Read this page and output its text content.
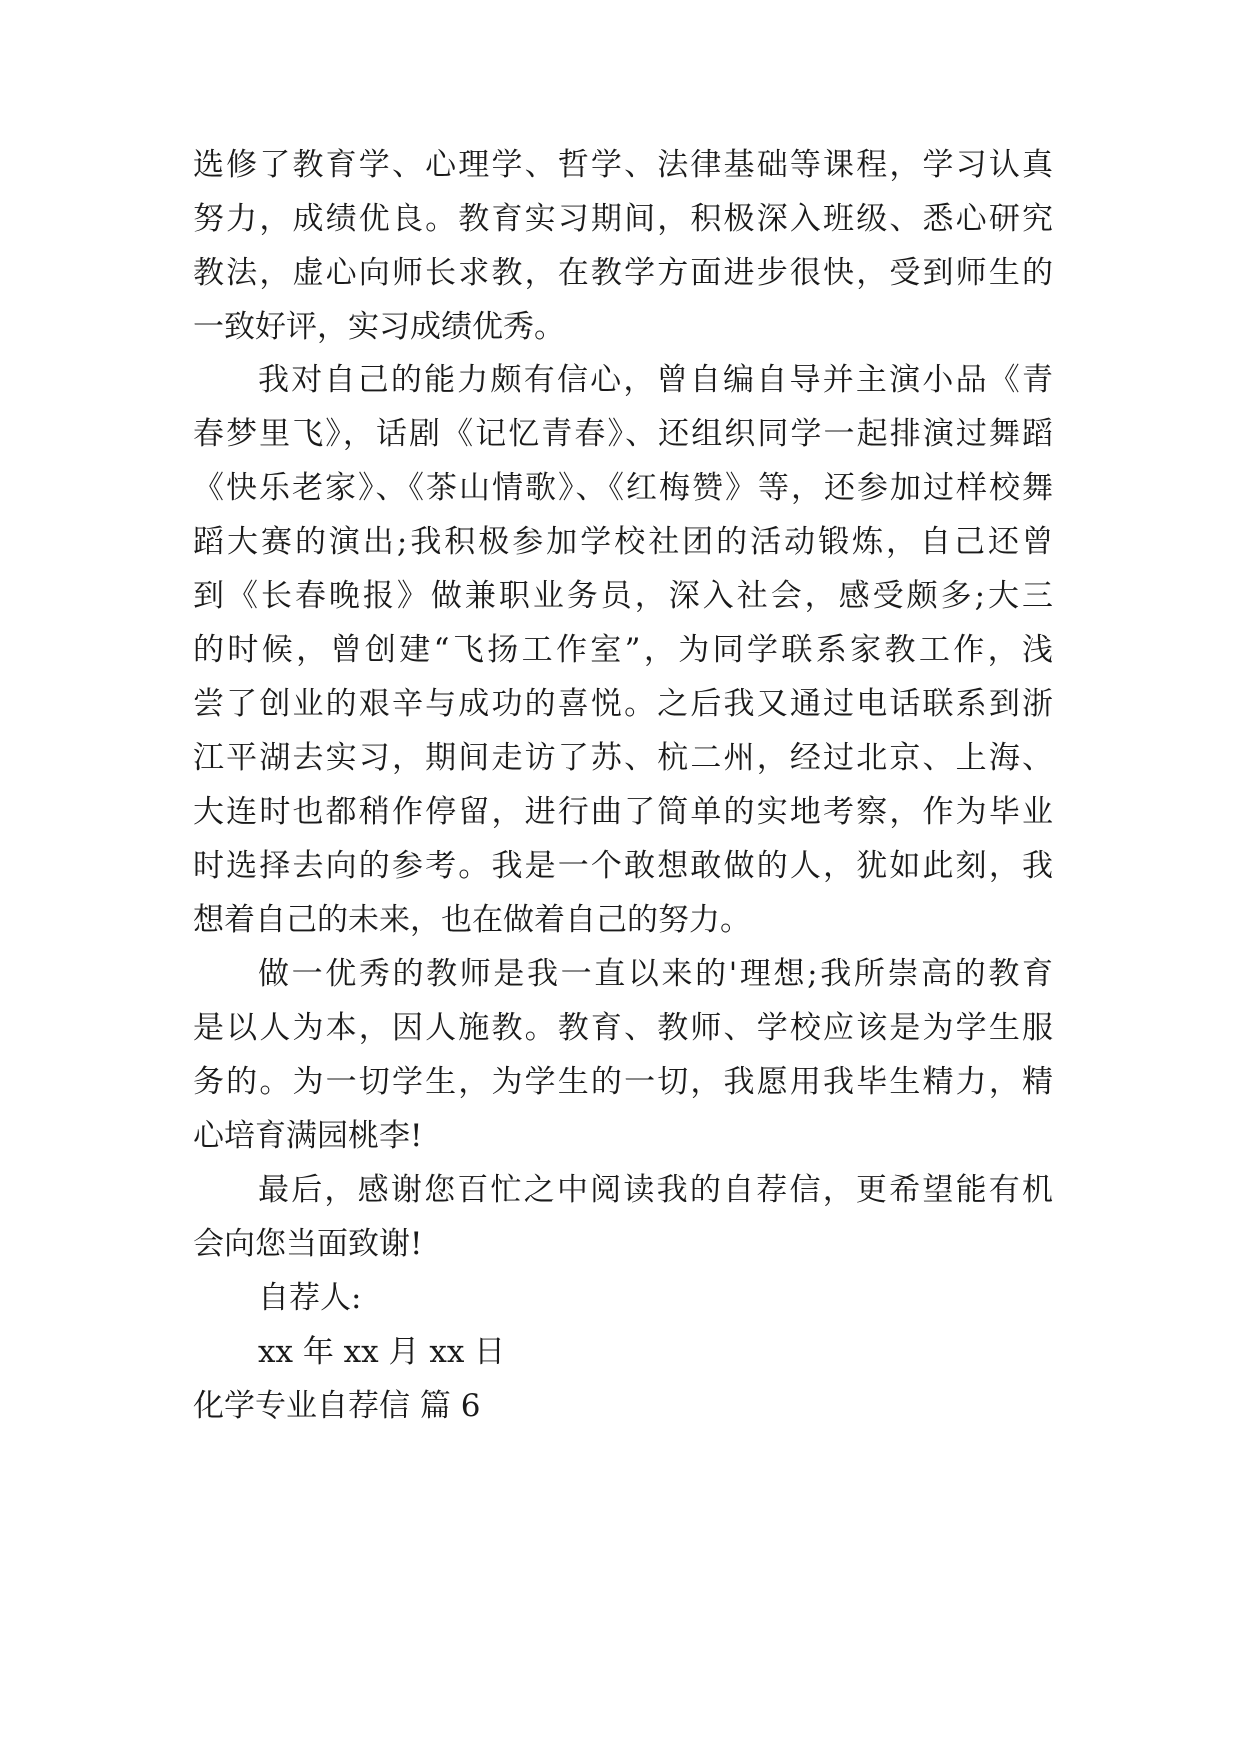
选修了教育学、心理学、哲学、法律基础等课程，学习认真
努力，成绩优良。教育实习期间，积极深入班级、悉心研究
教法，虚心向师长求教，在教学方面进步很快，受到师生的
一致好评，实习成绩优秀。
我对自己的能力颇有信心，曾自编自导并主演小品《青
春梦里飞》，话剧《记忆青春》、还组织同学一起排演过舞蹈
《快乐老家》、《茶山情歌》、《红梅赞》等，还参加过样校舞
蹈大赛的演出;我积极参加学校社团的活动锻炼，自己还曾
到《长春晚报》做兼职业务员，深入社会，感受颇多;大三
的时候，曾创建“飞扬工作室”，为同学联系家教工作，浅
尝了创业的艰辛与成功的喜悦。之后我又通过电话联系到浙
江平湖去实习，期间走访了苏、杭二州，经过北京、上海、
大连时也都稍作停留，进行曲了简单的实地考察，作为毕业
时选择去向的参考。我是一个敢想敢做的人，犹如此刻，我
想着自己的未来，也在做着自己的努力。
做一优秀的教师是我一直以来的'理想;我所崇高的教育
是以人为本，因人施教。教育、教师、学校应该是为学生服
务的。为一切学生，为学生的一切，我愿用我毕生精力，精
心培育满园桃李!
最后，感谢您百忙之中阅读我的自荐信，更希望能有机
会向您当面致谢!
自荐人:
xx 年 xx 月 xx 日
化学专业自荐信 篇 6
